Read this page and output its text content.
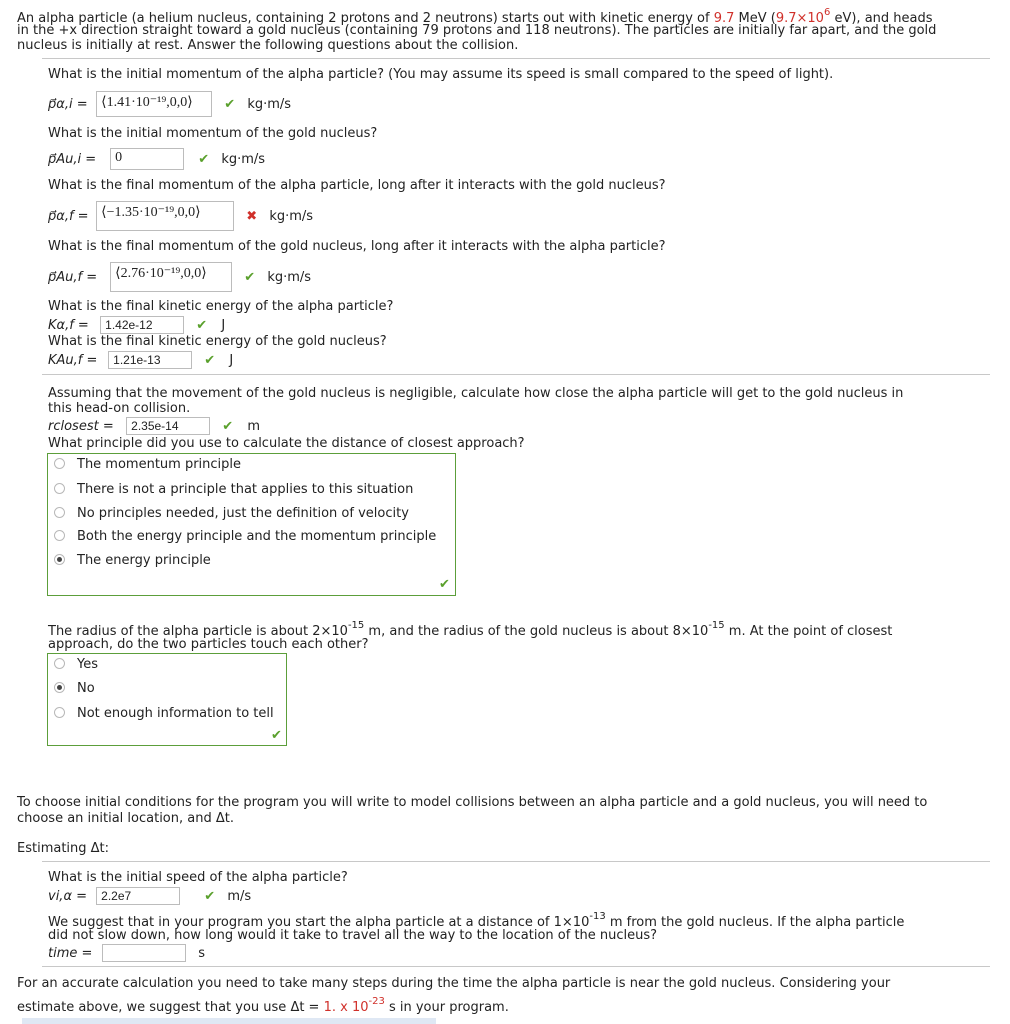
An alpha particle (a helium nucleus, containing 2 protons and 2 neutrons) starts out with kinetic energy of 9.7 MeV ($9.7\times 10^6$ eV), and heads
in the +x direction straight toward a gold nucleus (containing 79 protons and 118 neutrons). The particles are initially far apart, and the gold
nucleus is initially at rest. Answer the following questions about the collision.
What is the initial momentum of the alpha particle? (You may assume its speed is small compared to the speed of light).
p⃗α,i = ⟨1.41·10⁻¹⁹,0,0⟩ ✔ kg·m/s
What is the initial momentum of the gold nucleus?
p⃗Au,i = 0	✔ kg·m/s
What is the final momentum of the alpha particle, long after it interacts with the gold nucleus?
p⃗α,f = ⟨−1.35·10⁻¹⁹,0,0⟩	✖ kg·m/s
What is the final momentum of the gold nucleus, long after it interacts with the alpha particle?
p⃗Au,f = ⟨2.76·10⁻¹⁹,0,0⟩	✔ kg·m/s
What is the final kinetic energy of the alpha particle?
Kα,f = 1.42e-12	✔ J
What is the final kinetic energy of the gold nucleus?
KAu,f = 1.21e-13	✔ J
Assuming that the movement of the gold nucleus is negligible, calculate how close the alpha particle will get to the gold nucleus in
this head-on collision.
rclosest = 2.35e-14	✔ m
What principle did you use to calculate the distance of closest approach?
The momentum principle
There is not a principle that applies to this situation
No principles needed, just the definition of velocity
Both the energy principle and the momentum principle
The energy principle
✔
The radius of the alpha particle is about $2\times 10^{-15}$ m, and the radius of the gold nucleus is about $8\times 10^{-15}$ m. At the point of closest
approach, do the two particles touch each other?
Yes
No
Not enough information to tell
✔
To choose initial conditions for the program you will write to model collisions between an alpha particle and a gold nucleus, you will need to
choose an initial location, and Δt.
Estimating Δt:
What is the initial speed of the alpha particle?
vi,α = 2.2e7	✔ m/s
We suggest that in your program you start the alpha particle at a distance of $1\times 10^{-13}$ m from the gold nucleus. If the alpha particle
did not slow down, how long would it take to travel all the way to the location of the nucleus?
time =	s
For an accurate calculation you need to take many steps during the time the alpha particle is near the gold nucleus. Considering your
estimate above, we suggest that you use Δt = 1. x $10^{-23}$ s in your program.
